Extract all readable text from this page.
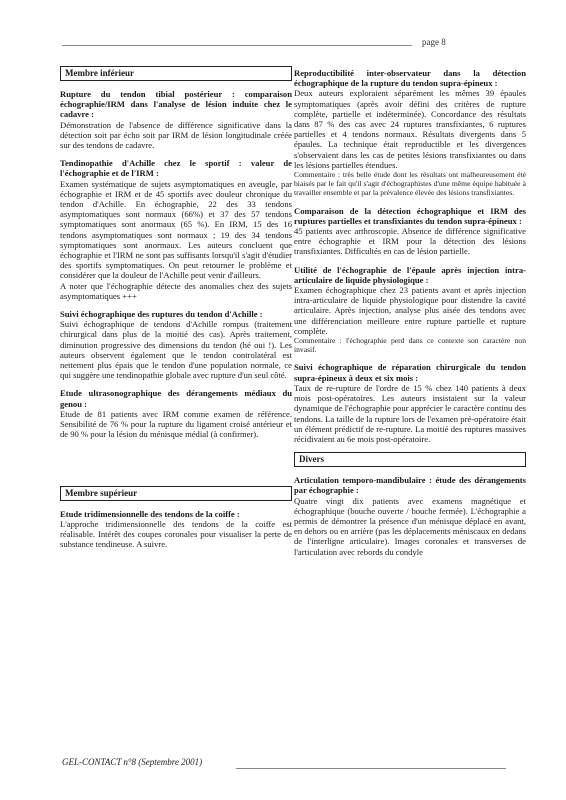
page 8
Membre inférieur

Rupture du tendon tibial postérieur : comparaison échographie/IRM dans l'analyse de lésion induite chez le cadavre :

Démonstration de l'absence de différence significative dans la détection soit par écho soit par IRM de lésion longitudinale créée sur des tendons de cadavre.

Tendinopathie d'Achille chez le sportif : valeur de l'échographie et de l'IRM :

Examen systématique de sujets asymptomatiques en aveugle, par échographie et IRM et de 45 sportifs avec douleur chronique du tendon d'Achille. En échographie, 22 des 33 tendons asymptomatiques sont normaux (66%) et 37 des 57 tendons symptomatiques sont anormaux (65 %). En IRM, 15 des 16 tendons asymptomatiques sont normaux ; 19 des 34 tendons symptomatiques sont anormaux. Les auteurs concluent que échographie et l'IRM ne sont pas suffisants lorsqu'il s'agit d'étudier des sportifs symptomatiques. On peut retourner le problème et considérer que la douleur de l'Achille peut venir d'ailleurs.

A noter que l'échographie détecte des anomalies chez des sujets asymptomatiques +++

Suivi échographique des ruptures du tendon d'Achille :

Suivi échographique de tendons d'Achille rompus (traitement chirurgical dans plus de la moitié des cas). Après traitement, diminution progressive des dimensions du tendon (hé oui !). Les auteurs observent également que le tendon controlatéral est nettement plus épais que le tendon d'une population normale, ce qui suggère une tendinopathie globale avec rupture d'un seul côté.

Etude ultrasonographique des dérangements médiaux du genou :

Etude de 81 patients avec IRM comme examen de référence. Sensibilité de 76 % pour la rupture du ligament croisé antérieur et de 90 % pour la lésion du ménisque médial (à confirmer).

Membre supérieur

Etude tridimensionnelle des tendons de la coiffe :

L'approche tridimensionnelle des tendons de la coiffe est réalisable. Intérêt des coupes coronales pour visualiser la perte de substance tendineuse. A suivre.

Reproductibilité inter-observateur dans la détection échographique de la rupture du tendon supra-épineux :

Deux auteurs exploraient séparément les mêmes 39 épaules symptomatiques (après avoir défini des critères de rupture complète, partielle et indéterminée). Concordance des résultats dans 87 % des cas avec 24 ruptures transfixiantes, 6 ruptures partielles et 4 tendons normaux. Résultats divergents dans 5 épaules. La technique était reproductible et les divergences s'observaient dans les cas de petites lésions transfixiantes ou dans les lésions partielles étendues.

Commentaire : très belle étude dont les résultats ont malheureusement été biaisés par le fait qu'il s'agit d'échographistes d'une même équipe habituée à travailler ensemble et par la prévalence élevée des lésions transfixiantes.

Comparaison de la détection échographique et IRM des ruptures partielles et transfixiantes du tendon supra-épineux :

45 patients avec arthroscopie. Absence de différence significative entre échographie et IRM pour la détection des lésions transfixiantes. Difficultés en cas de lésion partielle.

Utilité de l'échographie de l'épaule après injection intra-articulaire de liquide physiologique :

Examen échographique chez 23 patients avant et après injection intra-articulaire de liquide physiologique pour distendre la cavité articulaire. Après injection, analyse plus aisée des tendons avec une différenciation meilleure entre rupture partielle et rupture complète.

Commentaire : l'échographie perd dans ce contexte son caractère non invasif.

Suivi échographique de réparation chirurgicale du tendon supra-épineux à deux et six mois :

Taux de re-rupture de l'ordre de 15 % chez 140 patients à deux mois post-opératoires. Les auteurs insistaient sur la valeur dynamique de l'échographie pour apprécier le caractère continu des tendons. La taille de la rupture lors de l'examen pré-opératoire était un élément prédictif de re-rupture. La moitié des ruptures massives récidivaient au 6e mois post-opératoire.

Divers

Articulation temporo-mandibulaire : étude des dérangements par échographie :

Quatre vingt dix patients avec examens magnétique et échographique (bouche ouverte / bouche fermée). L'échographie a permis de démontrer la présence d'un ménisque déplacé en avant, en dehors ou en arrière (pas les déplacements méniscaux en dedans de l'interligne articulaire). Images coronales et transverses de l'articulation avec rebords du condyle

GEL-CONTACT n°8 (Septembre 2001)
